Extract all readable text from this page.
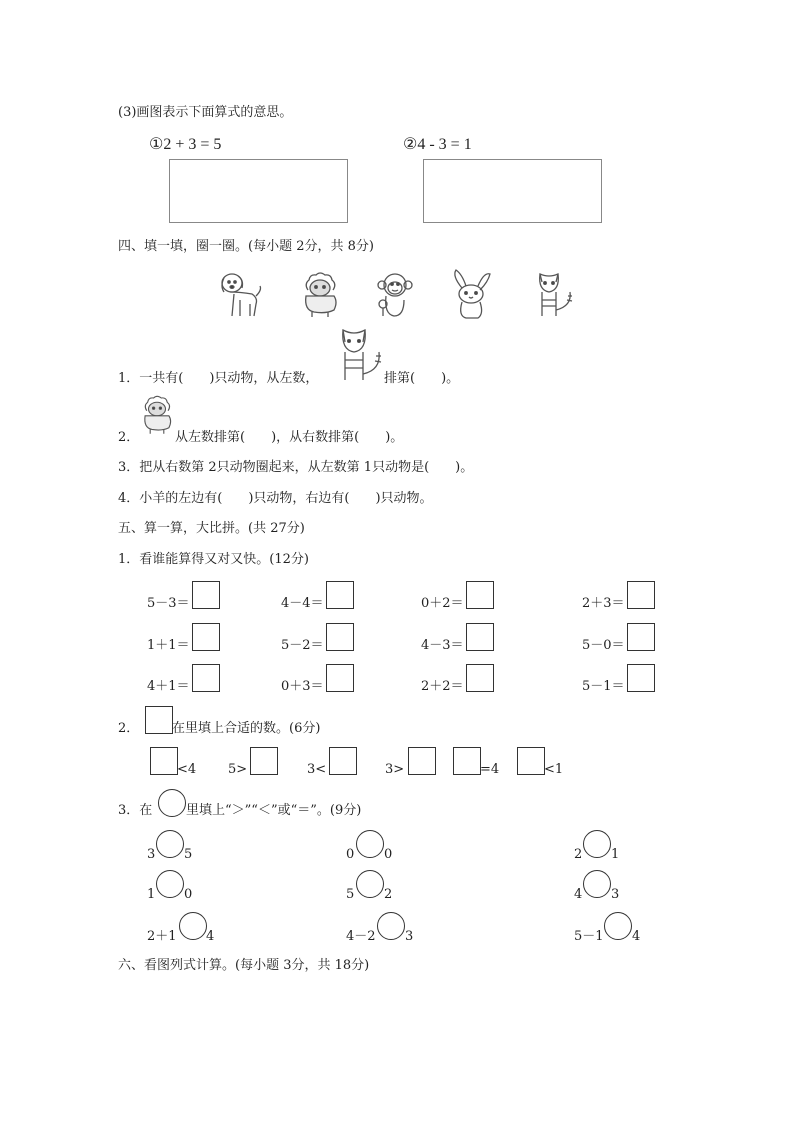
(3)画图表示下面算式的意思。
①2 + 3 = 5	②4 - 3 = 1
四、填一填，圈一圈。(每小题 2分，共 8分)
1．一共有(　　)只动物，从左数，	排第(　　)。
2．	从左数排第(　　)，从右数排第(　　)。
3．把从右数第 2只动物圈起来，从左数第 1只动物是(　　)。
4．小羊的左边有(　　)只动物，右边有(　　)只动物。
五、算一算，大比拼。(共 27分)
1．看谁能算得又对又快。(12分)
5－3＝	4－4＝	0＋2＝	2＋3＝
1＋1＝	5－2＝	4－3＝	5－0＝
4＋1＝	0＋3＝	2＋2＝	5－1＝
2．	在里填上合适的数。(6分)
<4 5>	3<	3>	=4	<1
3．在	里填上“＞”“＜”或“＝”。(9分)
3 5	0 0	2 1
1 0	5 2	4 3
2＋1 4	4－2 3	5－1 4
六、看图列式计算。(每小题 3分，共 18分)
